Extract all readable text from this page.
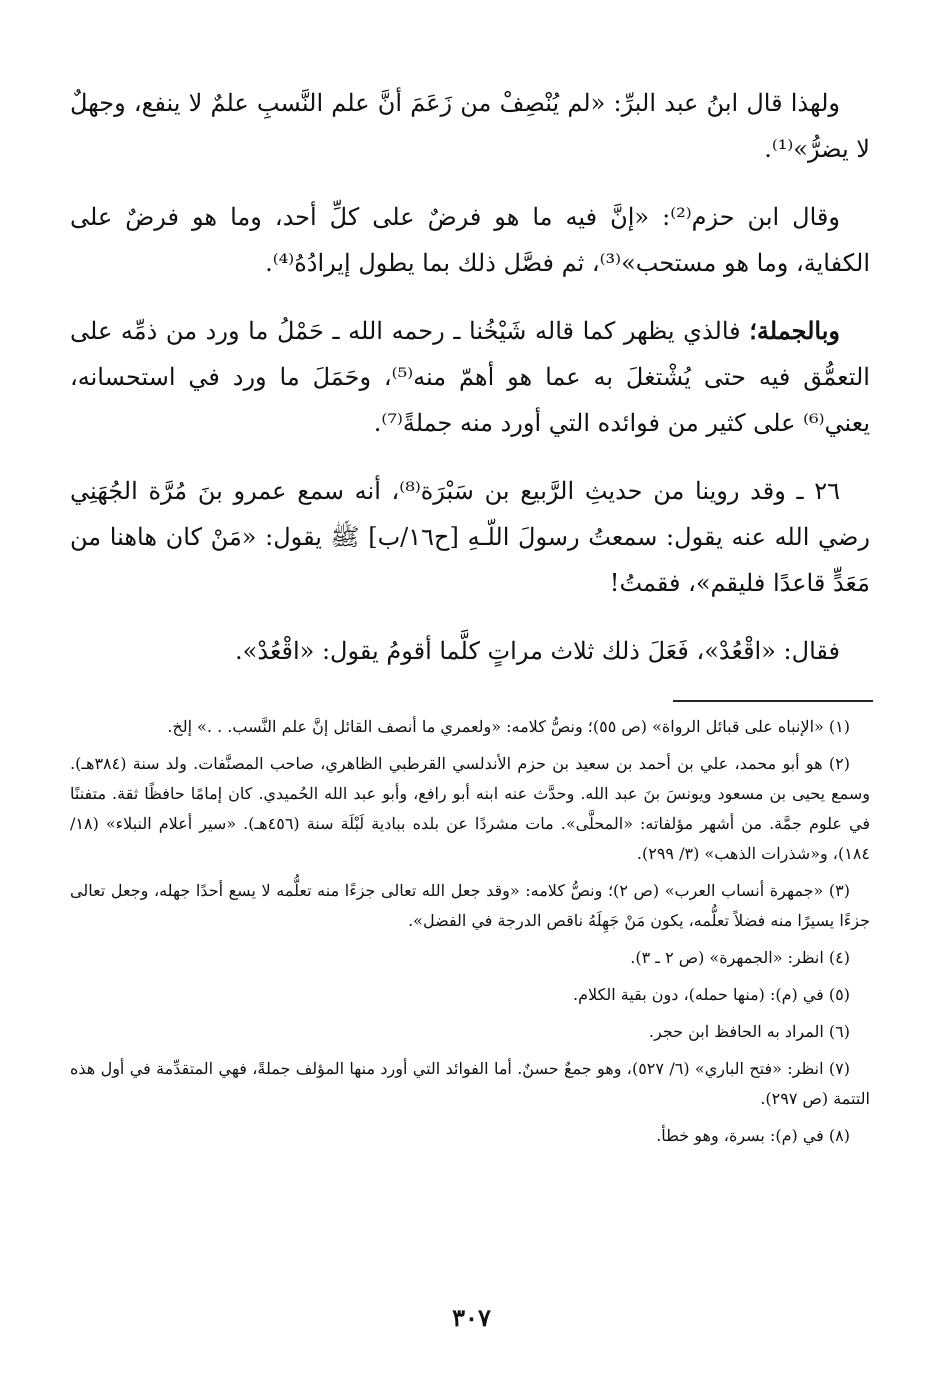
ولهذا قال ابنُ عبد البرِّ: «لم يُنْصِفْ من زَعَمَ أنَّ علم النَّسبِ علمٌ لا ينفع، وجهلٌ لا يضرُّ»⁽¹⁾.

وقال ابن حزم⁽²⁾: «إنَّ فيه ما هو فرضٌ على كلِّ أحد، وما هو فرضٌ على الكفاية، وما هو مستحب»⁽³⁾، ثم فصَّل ذلك بما يطول إيرادُهُ⁽⁴⁾.

وبالجملة؛ فالذي يظهر كما قاله شَيْخُنا ـ رحمه الله ـ حَمْلُ ما ورد من ذمِّه على التعمُّق فيه حتى يُشْتغلَ به عما هو أهمّ منه⁽⁵⁾، وحَمَلَ ما ورد في استحسانه، يعني⁽⁶⁾ على كثير من فوائده التي أورد منه جملةً⁽⁷⁾.

٢٦ ـ وقد روينا من حديثِ الرَّبيع بن سَبْرَة⁽⁸⁾، أنه سمع عمرو بنَ مُرَّة الجُهَنِي رضي الله عنه يقول: سمعتُ رسولَ اللّـهِ [ح١٦/ب] ﷺ يقول: «مَنْ كان هاهنا من مَعَدٍّ قاعدًا فليقم»، فقمتُ!

فقال: «اقْعُدْ»، فَعَلَ ذلك ثلاث مراتٍ كلَّما أقومُ يقول: «اقْعُدْ».

(١) «الإنباه على قبائل الرواة» (ص ٥٥)؛ ونصُّ كلامه: «ولعمري ما أنصف القائل إنَّ علم النَّسب. . .» إلخ.

(٢) هو أبو محمد، علي بن أحمد بن سعيد بن حزم الأندلسي القرطبي الظاهري، صاحب المصنَّفات. ولد سنة (٣٨٤هـ). وسمع يحيى بن مسعود ويونسَ بنَ عبد الله. وحدَّث عنه ابنه أبو رافع، وأبو عبد الله الحُميدي. كان إمامًا حافظًا ثقة. متفننًا في علوم جمَّة. من أشهر مؤلفاته: «المحلَّى». مات مشردًا عن بلده ببادية لَبْلَة سنة (٤٥٦هـ). «سير أعلام النبلاء» (١٨/ ١٨٤)، و«شذرات الذهب» (٣/ ٢٩٩).

(٣) «جمهرة أنساب العرب» (ص ٢)؛ ونصُّ كلامه: «وقد جعل الله تعالى جزءًا منه تعلُّمه لا يسع أحدًا جهله، وجعل تعالى جزءًا يسيرًا منه فضلاً تعلُّمه، يكون مَنْ جَهِلَهُ ناقص الدرجة في الفضل».

(٤) انظر: «الجمهرة» (ص ٢ ـ ٣).

(٥) في (م): (منها حمله)، دون بقية الكلام.

(٦) المراد به الحافظ ابن حجر.

(٧) انظر: «فتح الباري» (٦/ ٥٢٧)، وهو جمعٌ حسنٌ. أما الفوائد التي أورد منها المؤلف جملةً، فهي المتقدِّمة في أول هذه التتمة (ص ٢٩٧).

(٨) في (م): بسرة، وهو خطأ.

٣٠٧
